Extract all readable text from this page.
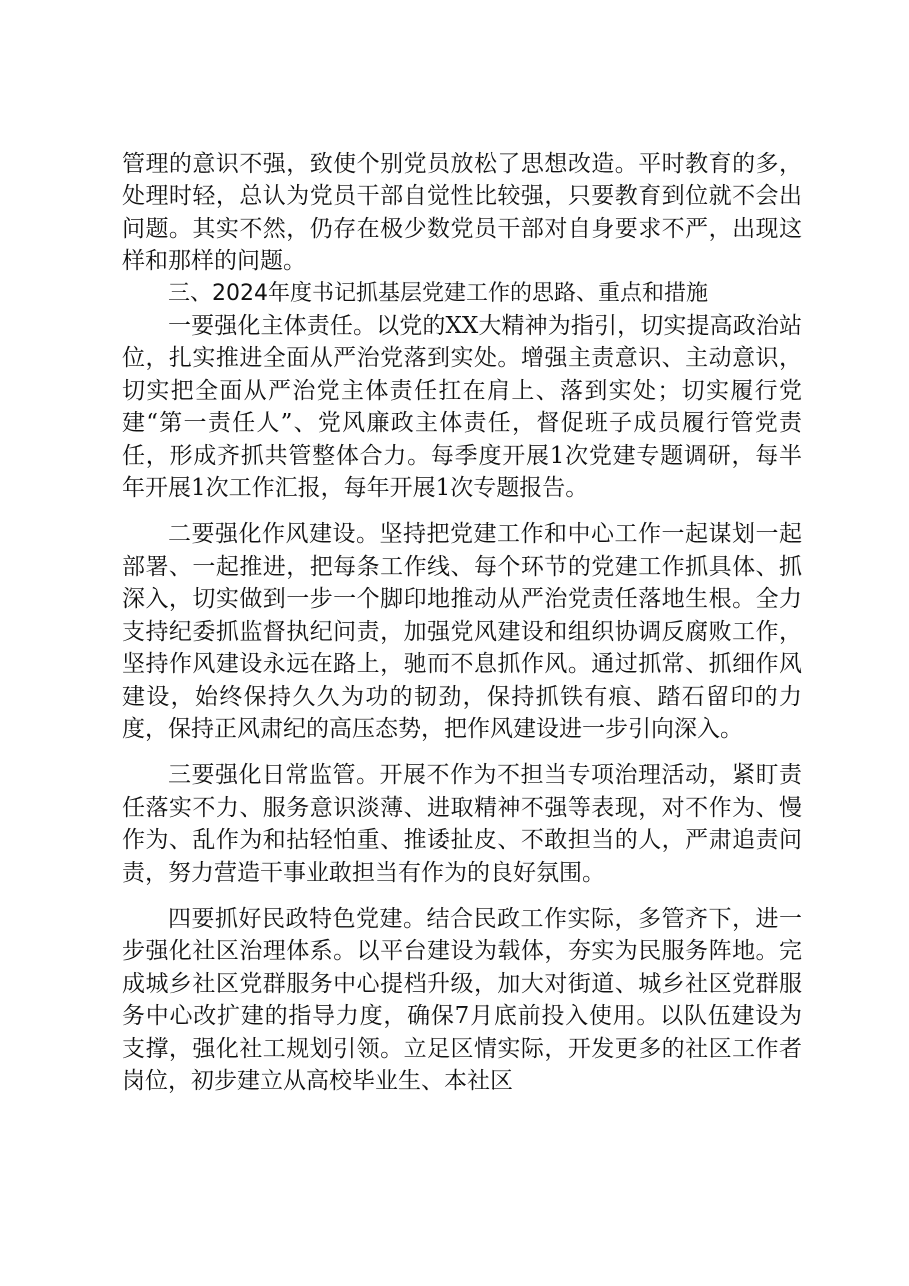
管理的意识不强，致使个别党员放松了思想改造。平时教育的多，处理时轻，总认为党员干部自觉性比较强，只要教育到位就不会出问题。其实不然，仍存在极少数党员干部对自身要求不严，出现这样和那样的问题。

三、2024年度书记抓基层党建工作的思路、重点和措施

一要强化主体责任。以党的XX大精神为指引，切实提高政治站位，扎实推进全面从严治党落到实处。增强主责意识、主动意识，切实把全面从严治党主体责任扛在肩上、落到实处；切实履行党建“第一责任人”、党风廉政主体责任，督促班子成员履行管党责任，形成齐抓共管整体合力。每季度开展1次党建专题调研，每半年开展1次工作汇报，每年开展1次专题报告。

二要强化作风建设。坚持把党建工作和中心工作一起谋划一起部署、一起推进，把每条工作线、每个环节的党建工作抓具体、抓深入，切实做到一步一个脚印地推动从严治党责任落地生根。全力支持纪委抓监督执纪问责，加强党风建设和组织协调反腐败工作，坚持作风建设永远在路上，驰而不息抓作风。通过抓常、抓细作风建设，始终保持久久为功的韧劲，保持抓铁有痕、踏石留印的力度，保持正风肃纪的高压态势，把作风建设进一步引向深入。

三要强化日常监管。开展不作为不担当专项治理活动，紧盯责任落实不力、服务意识淡薄、进取精神不强等表现，对不作为、慢作为、乱作为和拈轻怕重、推诿扯皮、不敢担当的人，严肃追责问责，努力营造干事业敢担当有作为的良好氛围。

四要抓好民政特色党建。结合民政工作实际，多管齐下，进一步强化社区治理体系。以平台建设为载体，夯实为民服务阵地。完成城乡社区党群服务中心提档升级，加大对街道、城乡社区党群服务中心改扩建的指导力度，确保7月底前投入使用。以队伍建设为支撑，强化社工规划引领。立足区情实际，开发更多的社区工作者岗位，初步建立从高校毕业生、本社区
